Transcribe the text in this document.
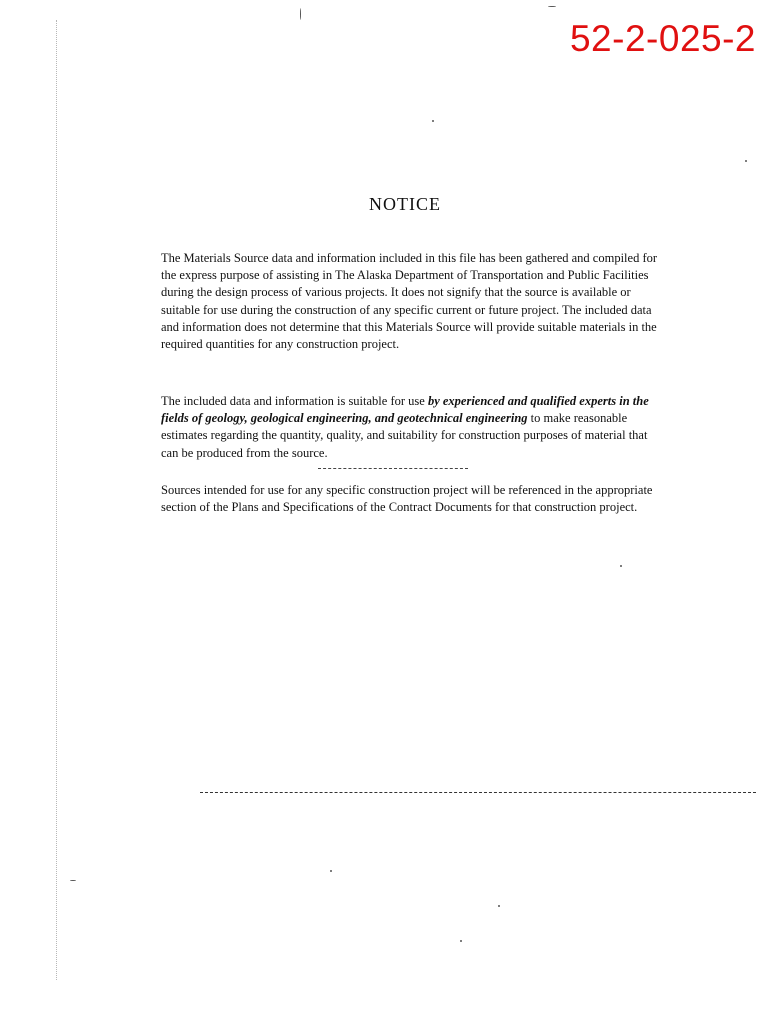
52-2-025-2
NOTICE

The Materials Source data and information included in this file has been gathered and compiled for the express purpose of assisting in The Alaska Department of Transportation and Public Facilities during the design process of various projects. It does not signify that the source is available or suitable for use during the construction of any specific current or future project. The included data and information does not determine that this Materials Source will provide suitable materials in the required quantities for any construction project.

The included data and information is suitable for use by experienced and qualified experts in the fields of geology, geological engineering, and geotechnical engineering to make reasonable estimates regarding the quantity, quality, and suitability for construction purposes of material that can be produced from the source.

Sources intended for use for any specific construction project will be referenced in the appropriate section of the Plans and Specifications of the Contract Documents for that construction project.
